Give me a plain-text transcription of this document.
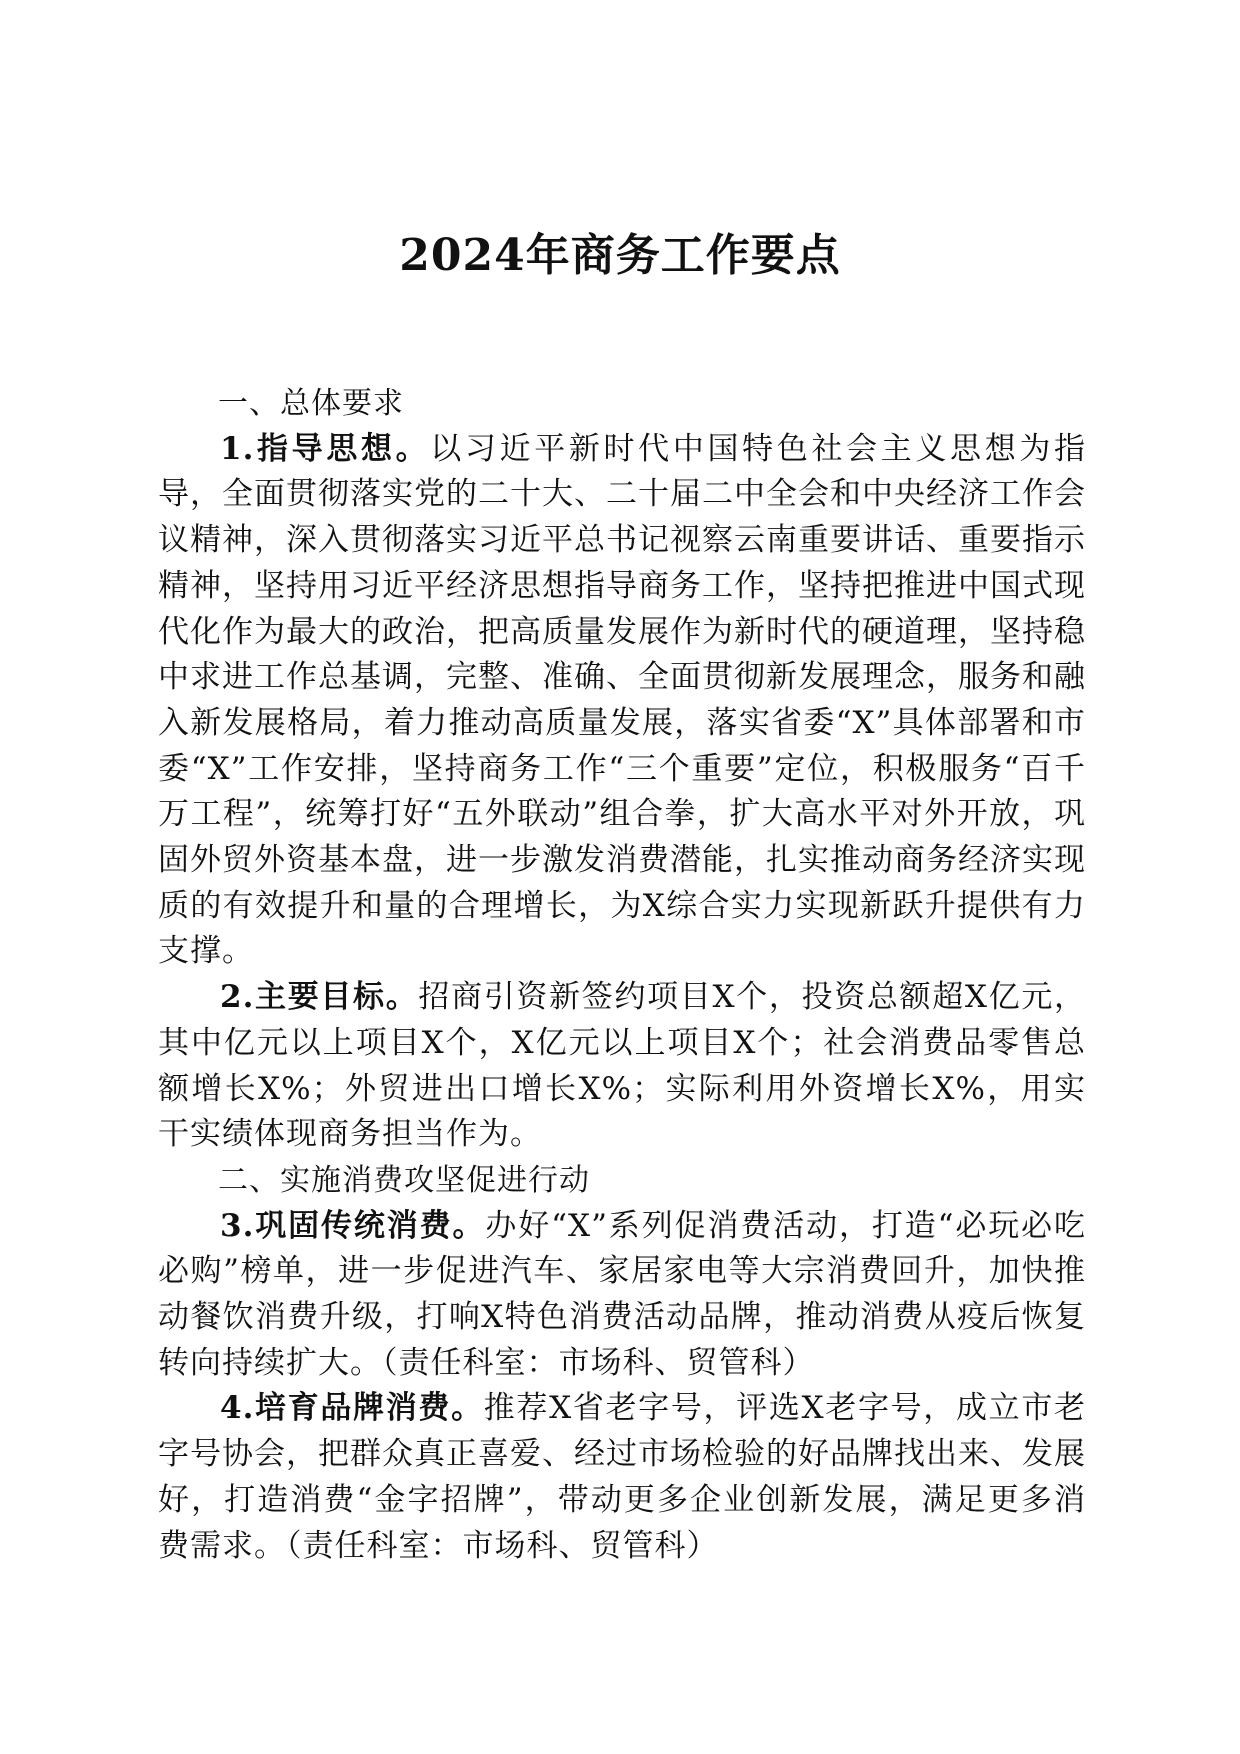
2024年商务工作要点

一、总体要求

1.指导思想。以习近平新时代中国特色社会主义思想为指导，全面贯彻落实党的二十大、二十届二中全会和中央经济工作会议精神，深入贯彻落实习近平总书记视察云南重要讲话、重要指示精神，坚持用习近平经济思想指导商务工作，坚持把推进中国式现代化作为最大的政治，把高质量发展作为新时代的硬道理，坚持稳中求进工作总基调，完整、准确、全面贯彻新发展理念，服务和融入新发展格局，着力推动高质量发展，落实省委“X”具体部署和市委“X”工作安排，坚持商务工作“三个重要”定位，积极服务“百千万工程”，统筹打好“五外联动”组合拳，扩大高水平对外开放，巩固外贸外资基本盘，进一步激发消费潜能，扎实推动商务经济实现质的有效提升和量的合理增长，为X综合实力实现新跃升提供有力支撑。

2.主要目标。招商引资新签约项目X个，投资总额超X亿元，其中亿元以上项目X个，X亿元以上项目X个；社会消费品零售总额增长X%；外贸进出口增长X%；实际利用外资增长X%，用实干实绩体现商务担当作为。

二、实施消费攻坚促进行动

3.巩固传统消费。办好“X”系列促消费活动，打造“必玩必吃必购”榜单，进一步促进汽车、家居家电等大宗消费回升，加快推动餐饮消费升级，打响X特色消费活动品牌，推动消费从疫后恢复转向持续扩大。（责任科室：市场科、贸管科）

4.培育品牌消费。推荐X省老字号，评选X老字号，成立市老字号协会，把群众真正喜爱、经过市场检验的好品牌找出来、发展好，打造消费“金字招牌”，带动更多企业创新发展，满足更多消费需求。（责任科室：市场科、贸管科）
